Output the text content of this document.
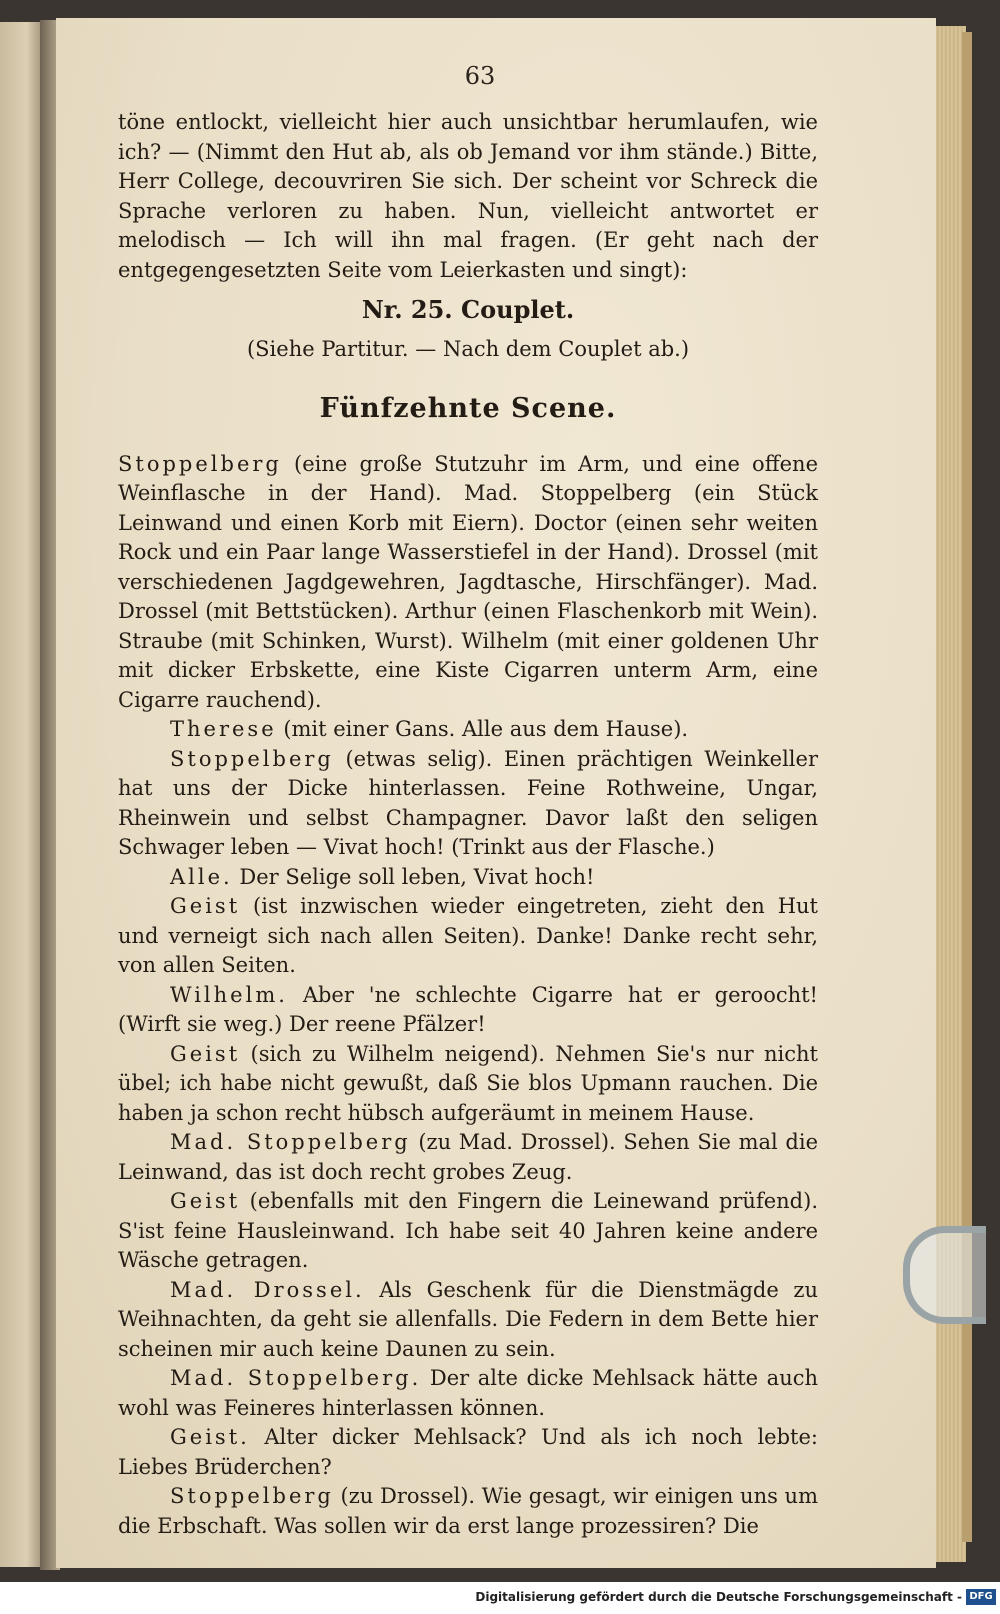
63

töne entlockt, vielleicht hier auch unsichtbar herumlaufen, wie ich? — (Nimmt den Hut ab, als ob Jemand vor ihm stände.) Bitte, Herr College, decouvriren Sie sich. Der scheint vor Schreck die Sprache verloren zu haben. Nun, vielleicht antwortet er melodisch — Ich will ihn mal fragen. (Er geht nach der entgegengesetzten Seite vom Leierkasten und singt):

Nr. 25. Couplet.

(Siehe Partitur. — Nach dem Couplet ab.)

Fünfzehnte Scene.

Stoppelberg (eine große Stutzuhr im Arm, und eine offene Weinflasche in der Hand). Mad. Stoppelberg (ein Stück Leinwand und einen Korb mit Eiern). Doctor (einen sehr weiten Rock und ein Paar lange Wasserstiefel in der Hand). Drossel (mit verschiedenen Jagdgewehren, Jagdtasche, Hirschfänger). Mad. Drossel (mit Bettstücken). Arthur (einen Flaschenkorb mit Wein). Straube (mit Schinken, Wurst). Wilhelm (mit einer goldenen Uhr mit dicker Erbskette, eine Kiste Cigarren unterm Arm, eine Cigarre rauchend).

Therese (mit einer Gans. Alle aus dem Hause).

Stoppelberg (etwas selig). Einen prächtigen Weinkeller hat uns der Dicke hinterlassen. Feine Rothweine, Ungar, Rheinwein und selbst Champagner. Davor laßt den seligen Schwager leben — Vivat hoch! (Trinkt aus der Flasche.)

Alle. Der Selige soll leben, Vivat hoch!

Geist (ist inzwischen wieder eingetreten, zieht den Hut und verneigt sich nach allen Seiten). Danke! Danke recht sehr, von allen Seiten.

Wilhelm. Aber 'ne schlechte Cigarre hat er geroocht! (Wirft sie weg.) Der reene Pfälzer!

Geist (sich zu Wilhelm neigend). Nehmen Sie's nur nicht übel; ich habe nicht gewußt, daß Sie blos Upmann rauchen. Die haben ja schon recht hübsch aufgeräumt in meinem Hause.

Mad. Stoppelberg (zu Mad. Drossel). Sehen Sie mal die Leinwand, das ist doch recht grobes Zeug.

Geist (ebenfalls mit den Fingern die Leinewand prüfend). S'ist feine Hausleinwand. Ich habe seit 40 Jahren keine andere Wäsche getragen.

Mad. Drossel. Als Geschenk für die Dienstmägde zu Weihnachten, da geht sie allenfalls. Die Federn in dem Bette hier scheinen mir auch keine Daunen zu sein.

Mad. Stoppelberg. Der alte dicke Mehlsack hätte auch wohl was Feineres hinterlassen können.

Geist. Alter dicker Mehlsack? Und als ich noch lebte: Liebes Brüderchen?

Stoppelberg (zu Drossel). Wie gesagt, wir einigen uns um die Erbschaft. Was sollen wir da erst lange prozessiren? Die

Digitalisierung gefördert durch die Deutsche Forschungsgemeinschaft - DFG
